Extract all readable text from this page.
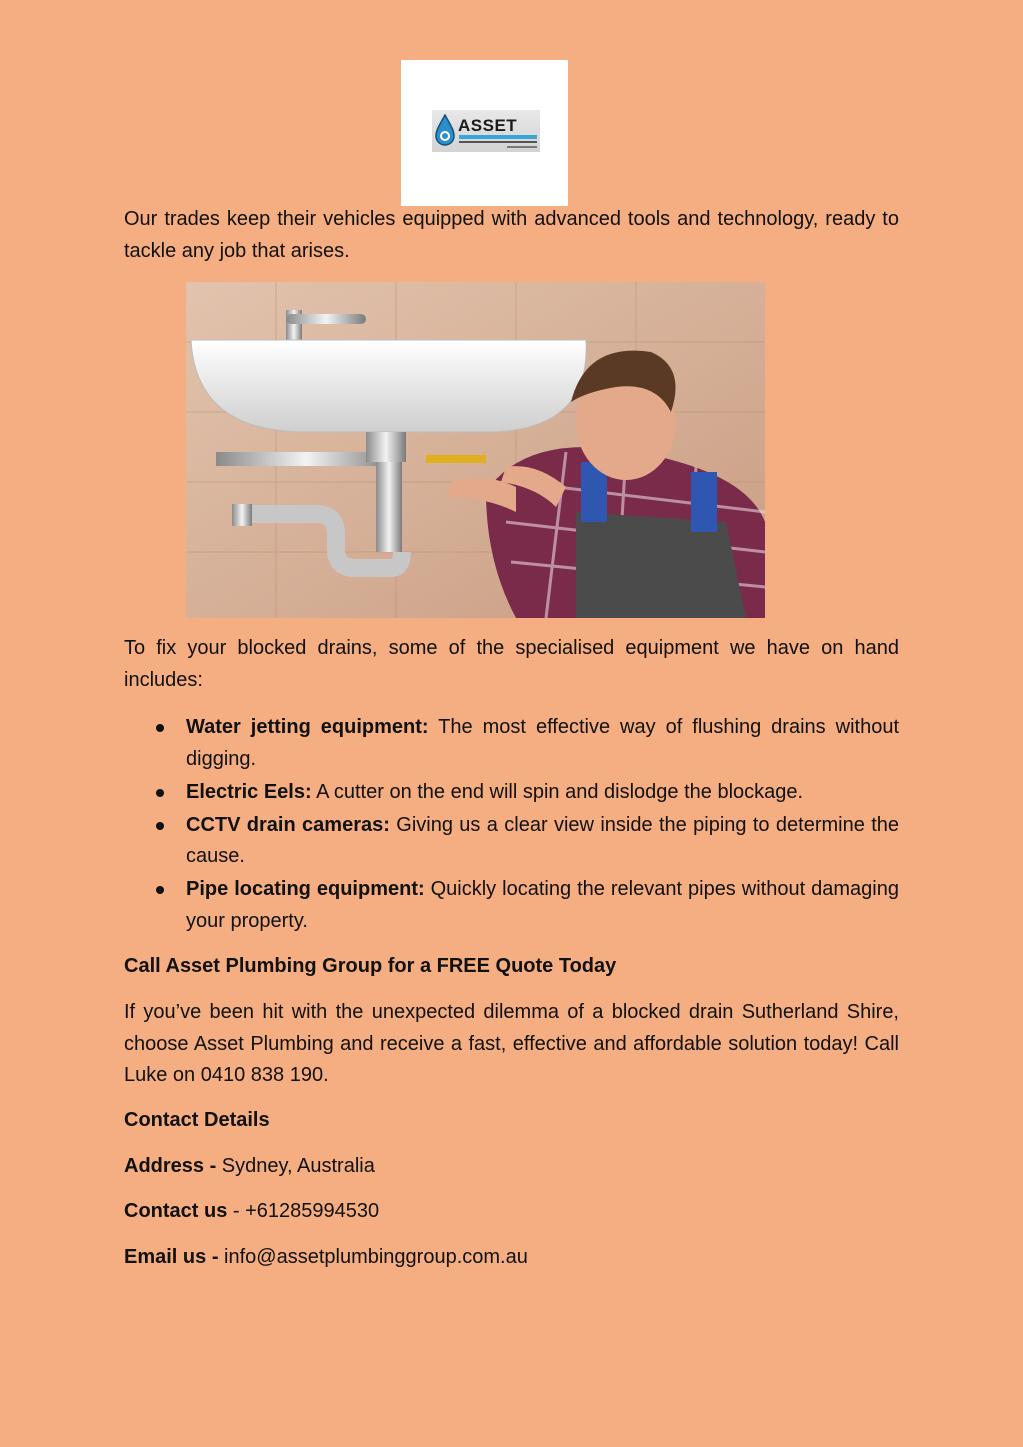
ASSET

Our trades keep their vehicles equipped with advanced tools and technology, ready to tackle any job that arises.

To fix your blocked drains, some of the specialised equipment we have on hand includes:

Water jetting equipment: The most effective way of flushing drains without digging.
Electric Eels: A cutter on the end will spin and dislodge the blockage.
CCTV drain cameras: Giving us a clear view inside the piping to determine the cause.
Pipe locating equipment: Quickly locating the relevant pipes without damaging your property.

Call Asset Plumbing Group for a FREE Quote Today

If you’ve been hit with the unexpected dilemma of a blocked drain Sutherland Shire, choose Asset Plumbing and receive a fast, effective and affordable solution today! Call Luke on 0410 838 190.

Contact Details

Address - Sydney, Australia

Contact us - +61285994530

Email us - info@assetplumbinggroup.com.au
